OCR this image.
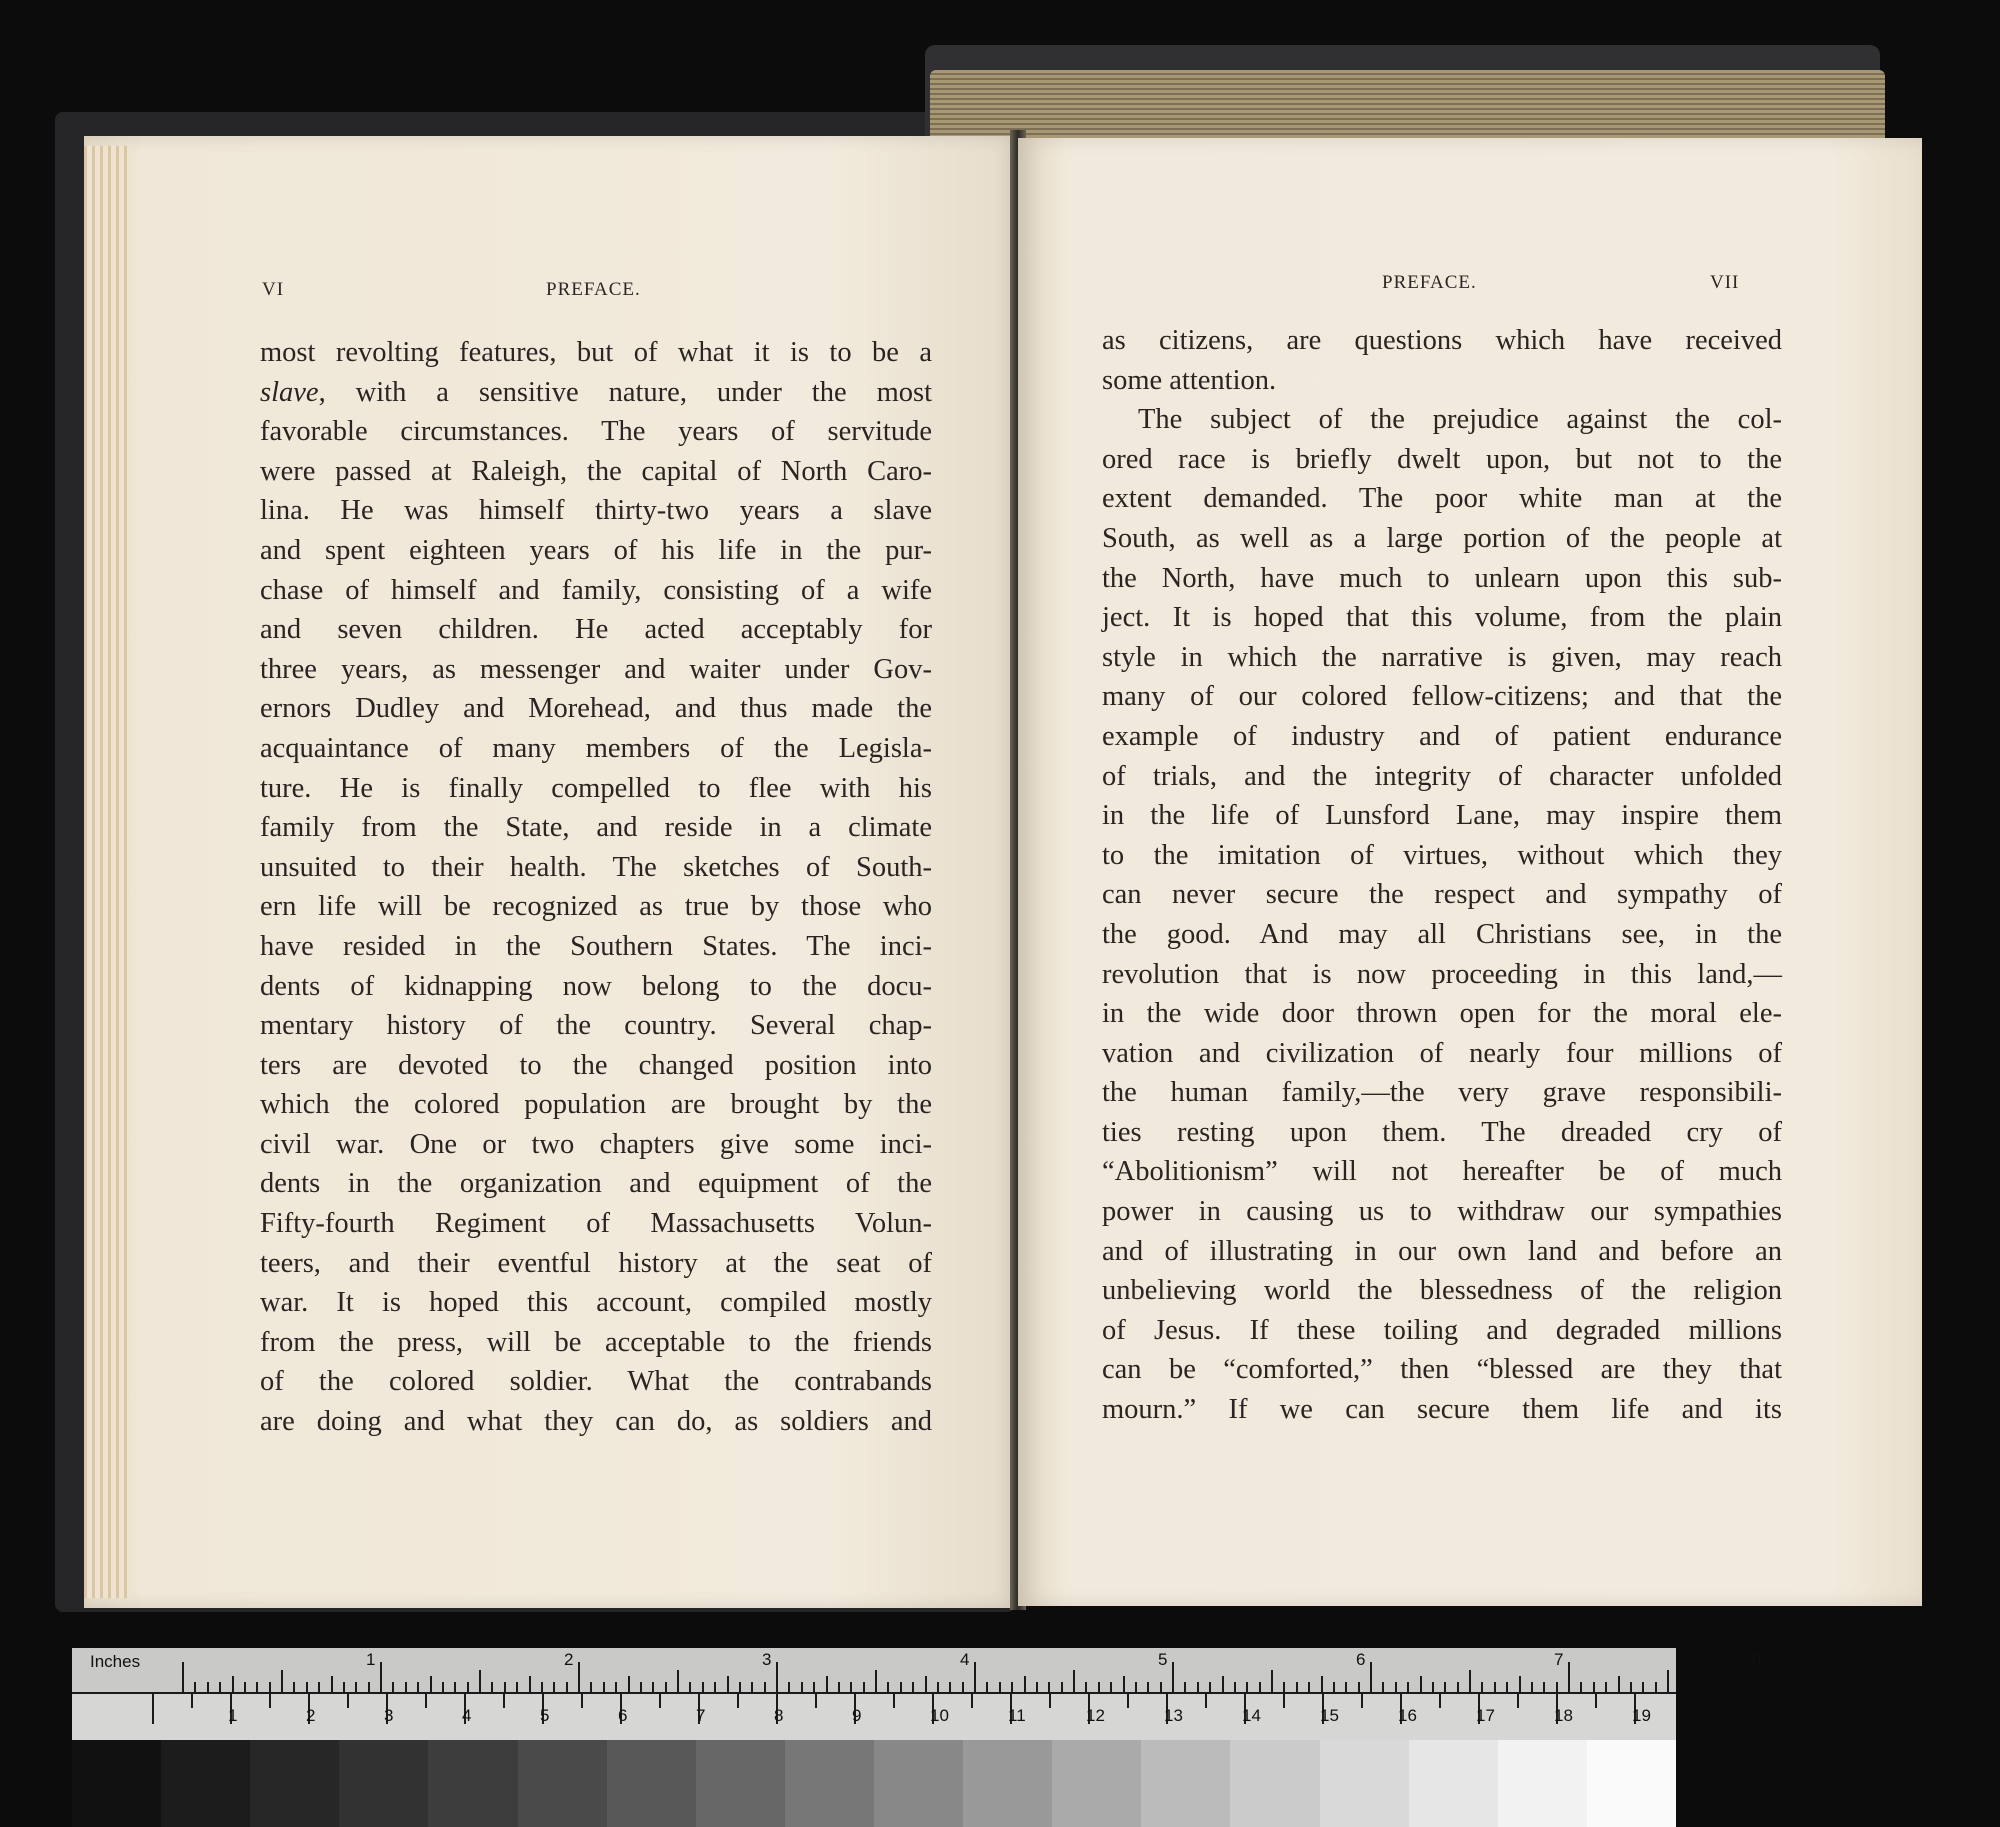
VI	PREFACE.
most revolting features, but of what it is to be a
slave, with a sensitive nature, under the most
favorable circumstances. The years of servitude
were passed at Raleigh, the capital of North Caro-
lina. He was himself thirty-two years a slave
and spent eighteen years of his life in the pur-
chase of himself and family, consisting of a wife
and seven children. He acted acceptably for
three years, as messenger and waiter under Gov-
ernors Dudley and Morehead, and thus made the
acquaintance of many members of the Legisla-
ture. He is finally compelled to flee with his
family from the State, and reside in a climate
unsuited to their health. The sketches of South-
ern life will be recognized as true by those who
have resided in the Southern States. The inci-
dents of kidnapping now belong to the docu-
mentary history of the country. Several chap-
ters are devoted to the changed position into
which the colored population are brought by the
civil war. One or two chapters give some inci-
dents in the organization and equipment of the
Fifty-fourth Regiment of Massachusetts Volun-
teers, and their eventful history at the seat of
war. It is hoped this account, compiled mostly
from the press, will be acceptable to the friends
of the colored soldier. What the contrabands
are doing and what they can do, as soldiers and
PREFACE.	VII
as citizens, are questions which have received
some attention.
The subject of the prejudice against the col-
ored race is briefly dwelt upon, but not to the
extent demanded. The poor white man at the
South, as well as a large portion of the people at
the North, have much to unlearn upon this sub-
ject. It is hoped that this volume, from the plain
style in which the narrative is given, may reach
many of our colored fellow-citizens; and that the
example of industry and of patient endurance
of trials, and the integrity of character unfolded
in the life of Lunsford Lane, may inspire them
to the imitation of virtues, without which they
can never secure the respect and sympathy of
the good. And may all Christians see, in the
revolution that is now proceeding in this land,—
in the wide door thrown open for the moral ele-
vation and civilization of nearly four millions of
the human family,—the very grave responsibili-
ties resting upon them. The dreaded cry of
“Abolitionism” will not hereafter be of much
power in causing us to withdraw our sympathies
and of illustrating in our own land and before an
unbelieving world the blessedness of the religion
of Jesus. If these toiling and degraded millions
can be “comforted,” then “blessed are they that
mourn.” If we can secure them life and its
Inches	1	2	3	4	5	6	7	8
1	2	3	4	5	6	7	8	9	10	11	12	13	14	15	16	17	18	19
